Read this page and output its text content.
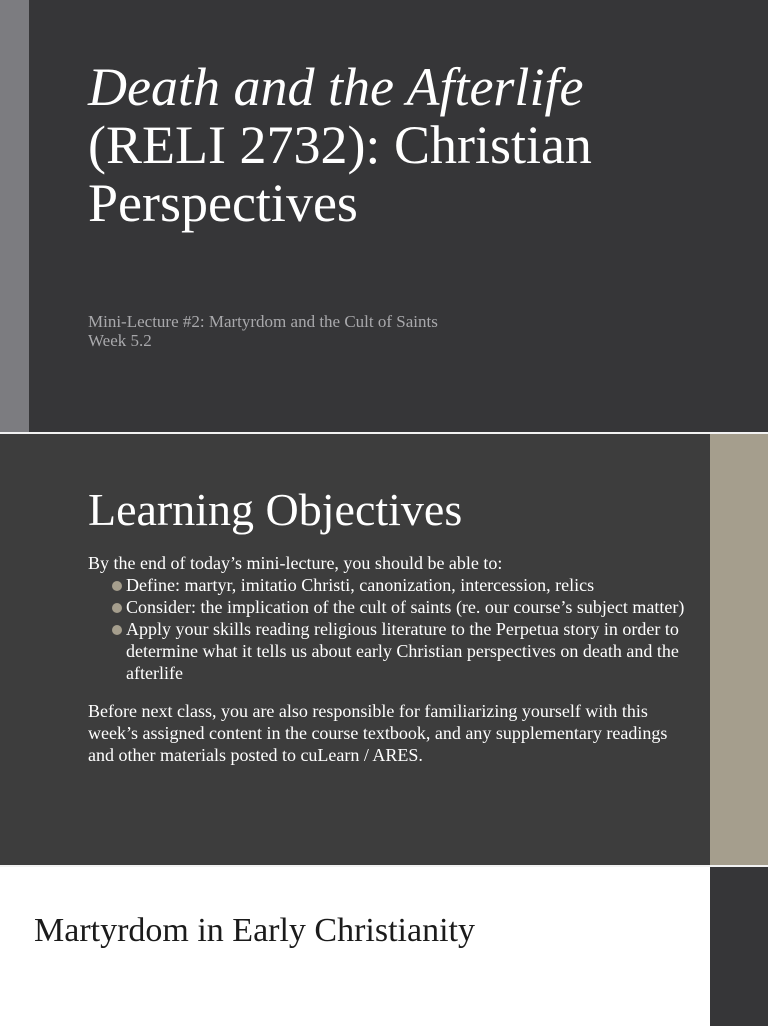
Death and the Afterlife (RELI 2732): Christian Perspectives
Mini-Lecture #2: Martyrdom and the Cult of Saints
Week 5.2
Learning Objectives

By the end of today’s mini-lecture, you should be able to:

Define: martyr, imitatio Christi, canonization, intercession, relics
Consider: the implication of the cult of saints (re. our course’s subject matter)
Apply your skills reading religious literature to the Perpetua story in order to determine what it tells us about early Christian perspectives on death and the afterlife

Before next class, you are also responsible for familiarizing yourself with this week’s assigned content in the course textbook, and any supplementary readings and other materials posted to cuLearn / ARES.

Martyrdom in Early Christianity
